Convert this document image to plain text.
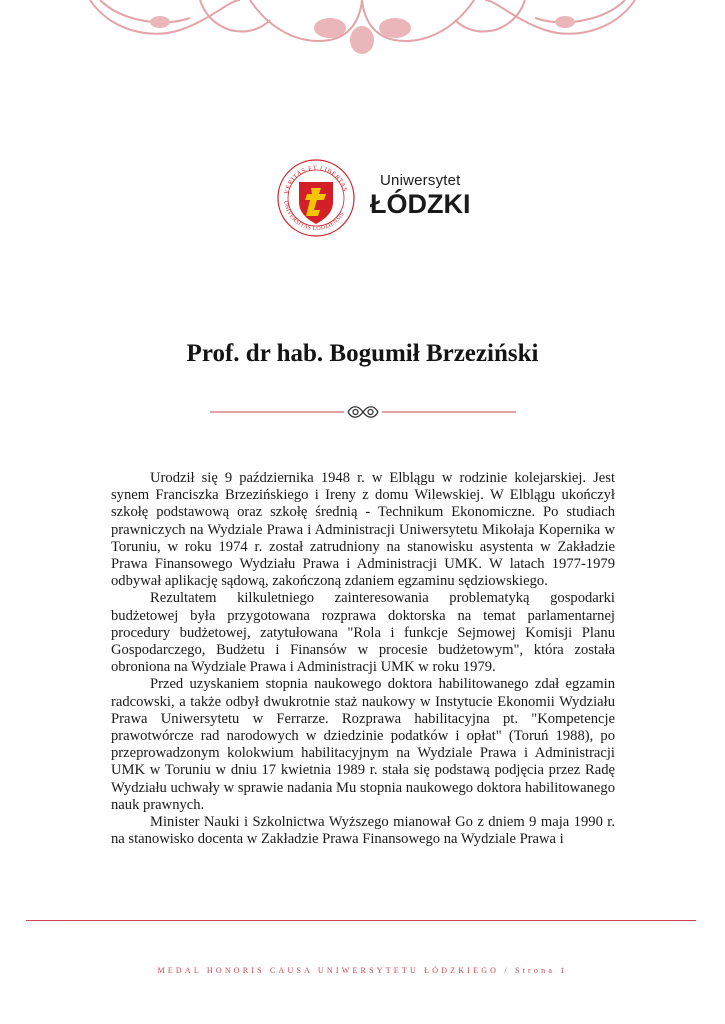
VERITAS ET LIBERTAS
UNIVERSITAS LODZIENSIS
Uniwersytet
ŁÓDZKI
Prof. dr hab. Bogumił Brzeziński

Urodził się 9 października 1948 r. w Elblągu w rodzinie kolejarskiej. Jest synem Franciszka Brzezińskiego i Ireny z domu Wilewskiej. W Elblągu ukończył szkołę podstawową oraz szkołę średnią - Technikum Ekonomiczne. Po studiach prawniczych na Wydziale Prawa i Administracji Uniwersytetu Mikołaja Kopernika w Toruniu, w roku 1974 r. został zatrudniony na stanowisku asystenta w Zakładzie Prawa Finansowego Wydziału Prawa i Administracji UMK. W latach 1977-1979 odbywał aplikację sądową, zakończoną zdaniem egzaminu sędziowskiego.

Rezultatem kilkuletniego zainteresowania problematyką gospodarki budżetowej była przygotowana rozprawa doktorska na temat parlamentarnej procedury budżetowej, zatytułowana "Rola i funkcje Sejmowej Komisji Planu Gospodarczego, Budżetu i Finansów w procesie budżetowym", która została obroniona na Wydziale Prawa i Administracji UMK w roku 1979.

Przed uzyskaniem stopnia naukowego doktora habilitowanego zdał egzamin radcowski, a także odbył dwukrotnie staż naukowy w Instytucie Ekonomii Wydziału Prawa Uniwersytetu w Ferrarze. Rozprawa habilitacyjna pt. "Kompetencje prawotwórcze rad narodowych w dziedzinie podatków i opłat" (Toruń 1988), po przeprowadzonym kolokwium habilitacyjnym na Wydziale Prawa i Administracji UMK w Toruniu w dniu 17 kwietnia 1989 r. stała się podstawą podjęcia przez Radę Wydziału uchwały w sprawie nadania Mu stopnia naukowego doktora habilitowanego nauk prawnych.

Minister Nauki i Szkolnictwa Wyższego mianował Go z dniem 9 maja 1990 r. na stanowisko docenta w Zakładzie Prawa Finansowego na Wydziale Prawa i

MEDAL HONORIS CAUSA UNIWERSYTETU ŁÓDZKIEGO / Strona 1
